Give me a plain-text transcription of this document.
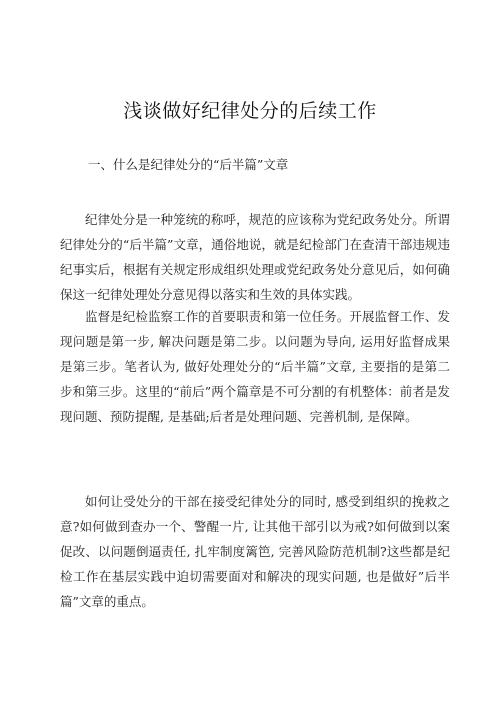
浅谈做好纪律处分的后续工作
一、什么是纪律处分的“后半篇”文章

纪律处分是一种笼统的称呼，规范的应该称为党纪政务处分。所谓纪律处分的“后半篇”文章，通俗地说，就是纪检部门在查清干部违规违纪事实后，根据有关规定形成组织处理或党纪政务处分意见后，如何确保这一纪律处理处分意见得以落实和生效的具体实践。

监督是纪检监察工作的首要职责和第一位任务。开展监督工作、发现问题是第一步, 解决问题是第二步。以问题为导向, 运用好监督成果是第三步。笔者认为, 做好处理处分的“后半篇”文章, 主要指的是第二步和第三步。这里的“前后”两个篇章是不可分割的有机整体：前者是发现问题、预防提醒, 是基础;后者是处理问题、完善机制, 是保障。

如何让受处分的干部在接受纪律处分的同时, 感受到组织的挽救之意?如何做到查办一个、警醒一片, 让其他干部引以为戒?如何做到以案促改、以问题倒逼责任, 扎牢制度篱笆, 完善风险防范机制?这些都是纪检工作在基层实践中迫切需要面对和解决的现实问题, 也是做好”后半篇”文章的重点。
